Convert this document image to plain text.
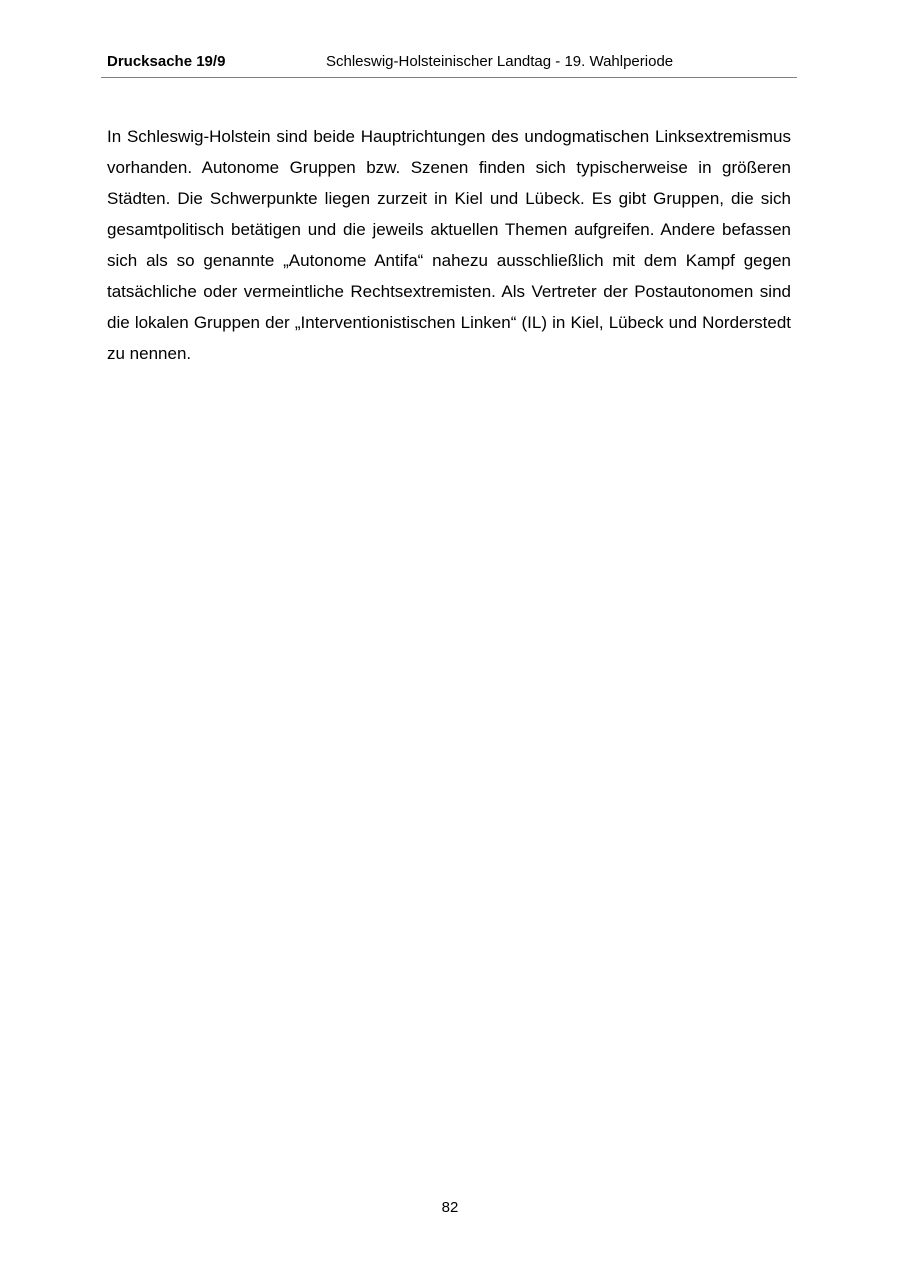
Drucksache 19/9	Schleswig-Holsteinischer Landtag - 19. Wahlperiode

In Schleswig-Holstein sind beide Hauptrichtungen des undogmatischen Linksextremismus vorhanden. Autonome Gruppen bzw. Szenen finden sich typischerweise in größeren Städten. Die Schwerpunkte liegen zurzeit in Kiel und Lübeck. Es gibt Gruppen, die sich gesamtpolitisch betätigen und die jeweils aktuellen Themen aufgreifen. Andere befassen sich als so genannte „Autonome Antifa“ nahezu ausschließlich mit dem Kampf gegen tatsächliche oder vermeintliche Rechtsextremisten. Als Vertreter der Postautonomen sind die lokalen Gruppen der „Interventionistischen Linken“ (IL) in Kiel, Lübeck und Norderstedt zu nennen.

82
